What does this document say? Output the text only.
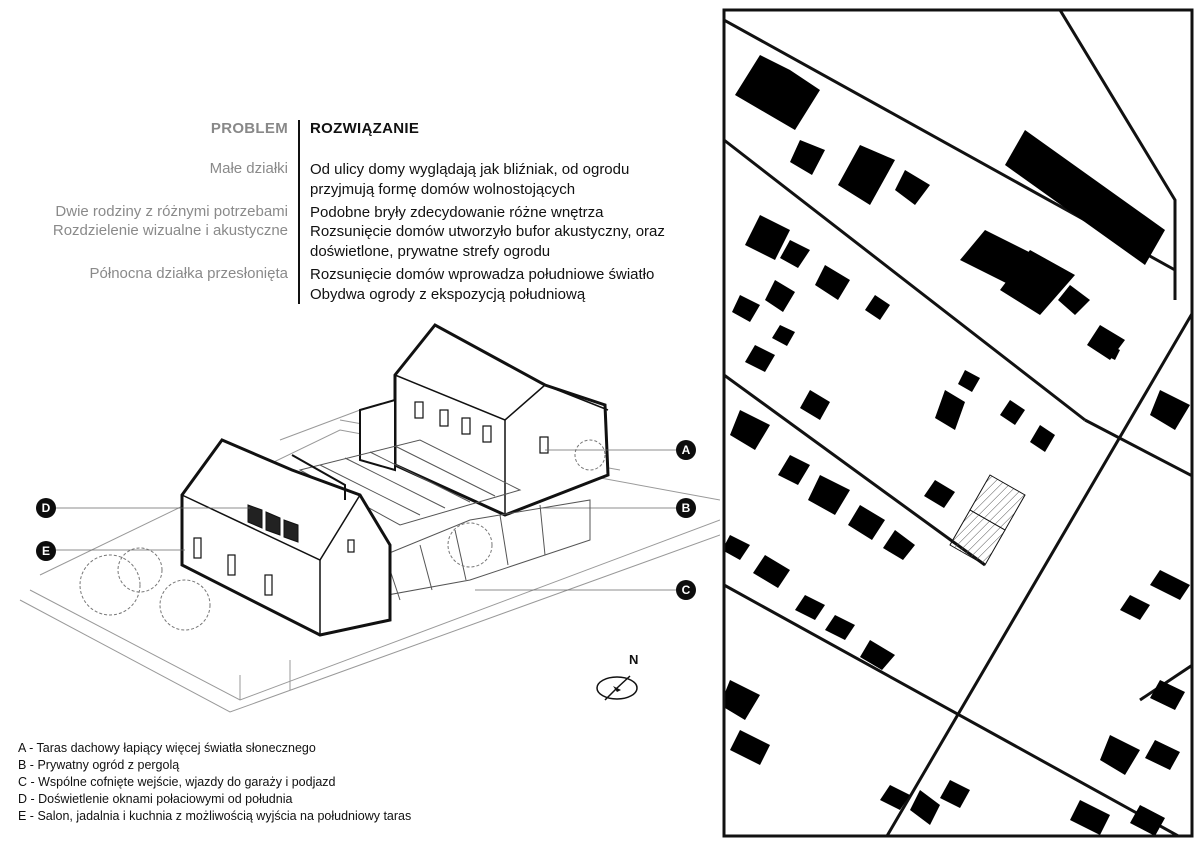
PROBLEM ROZWIĄZANIE
Małe działki
Dwie rodziny z różnymi potrzebami
Rozdzielenie wizualne i akustyczne
Północna działka przesłonięta
Od ulicy domy wyglądają jak bliźniak, od ogrodu
przyjmują formę domów wolnostojących
Podobne bryły zdecydowanie różne wnętrza
Rozsunięcie domów utworzyło bufor akustyczny, oraz
doświetlone, prywatne strefy ogrodu
Rozsunięcie domów wprowadza południowe światło
Obydwa ogrody z ekspozycją południową
N
A
B
C
D
E
A - Taras dachowy łapiący więcej światła słonecznego
B - Prywatny ogród z pergolą
C - Wspólne cofnięte wejście, wjazdy do garaży i podjazd
D - Doświetlenie oknami połaciowymi od południa
E - Salon, jadalnia i kuchnia z możliwością wyjścia na południowy taras
